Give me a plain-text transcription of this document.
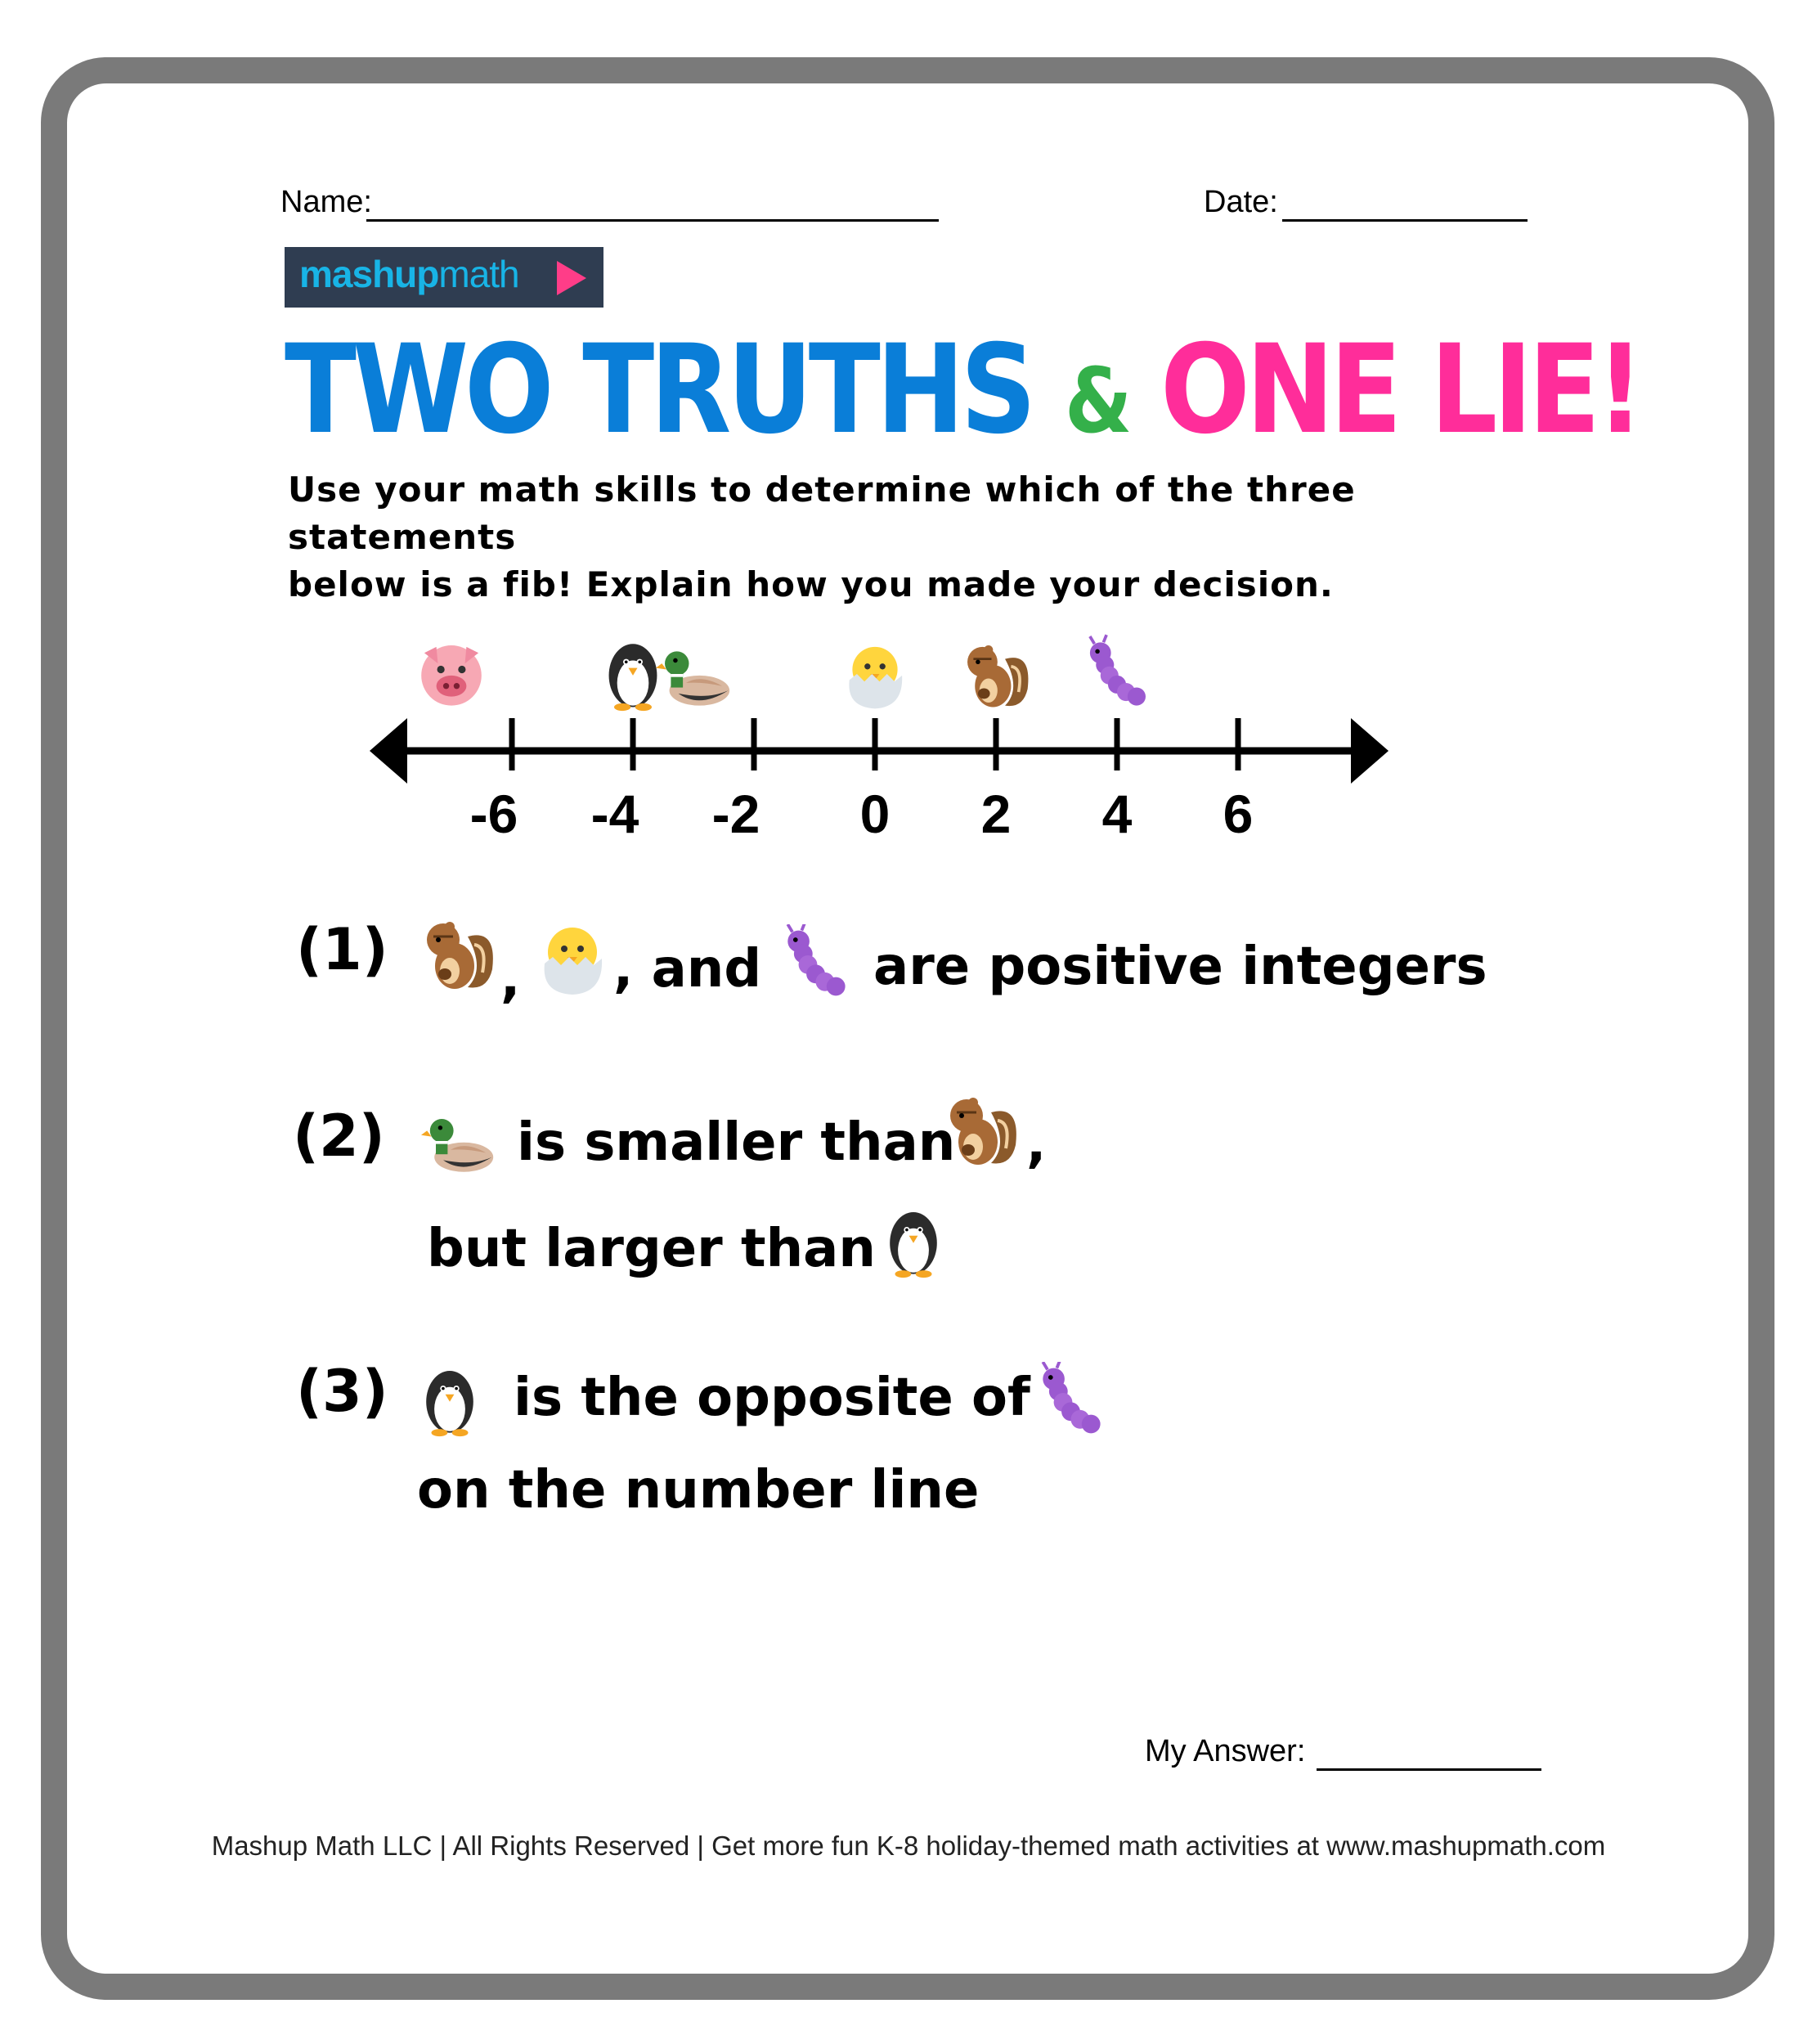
Name:	Date:
mashupmath
TWO TRUTHS & ONE LIE!
Use your math skills to determine which of the three statements
below is a fib! Explain how you made your decision.
-6 -4 -2 0 2 4 6
(1) , , and are positive integers
(2)	is smaller than ,
but larger than
(3) is the opposite of
on the number line
My Answer:
Mashup Math LLC | All Rights Reserved | Get more fun K-8 holiday-themed math activities at www.mashupmath.com
